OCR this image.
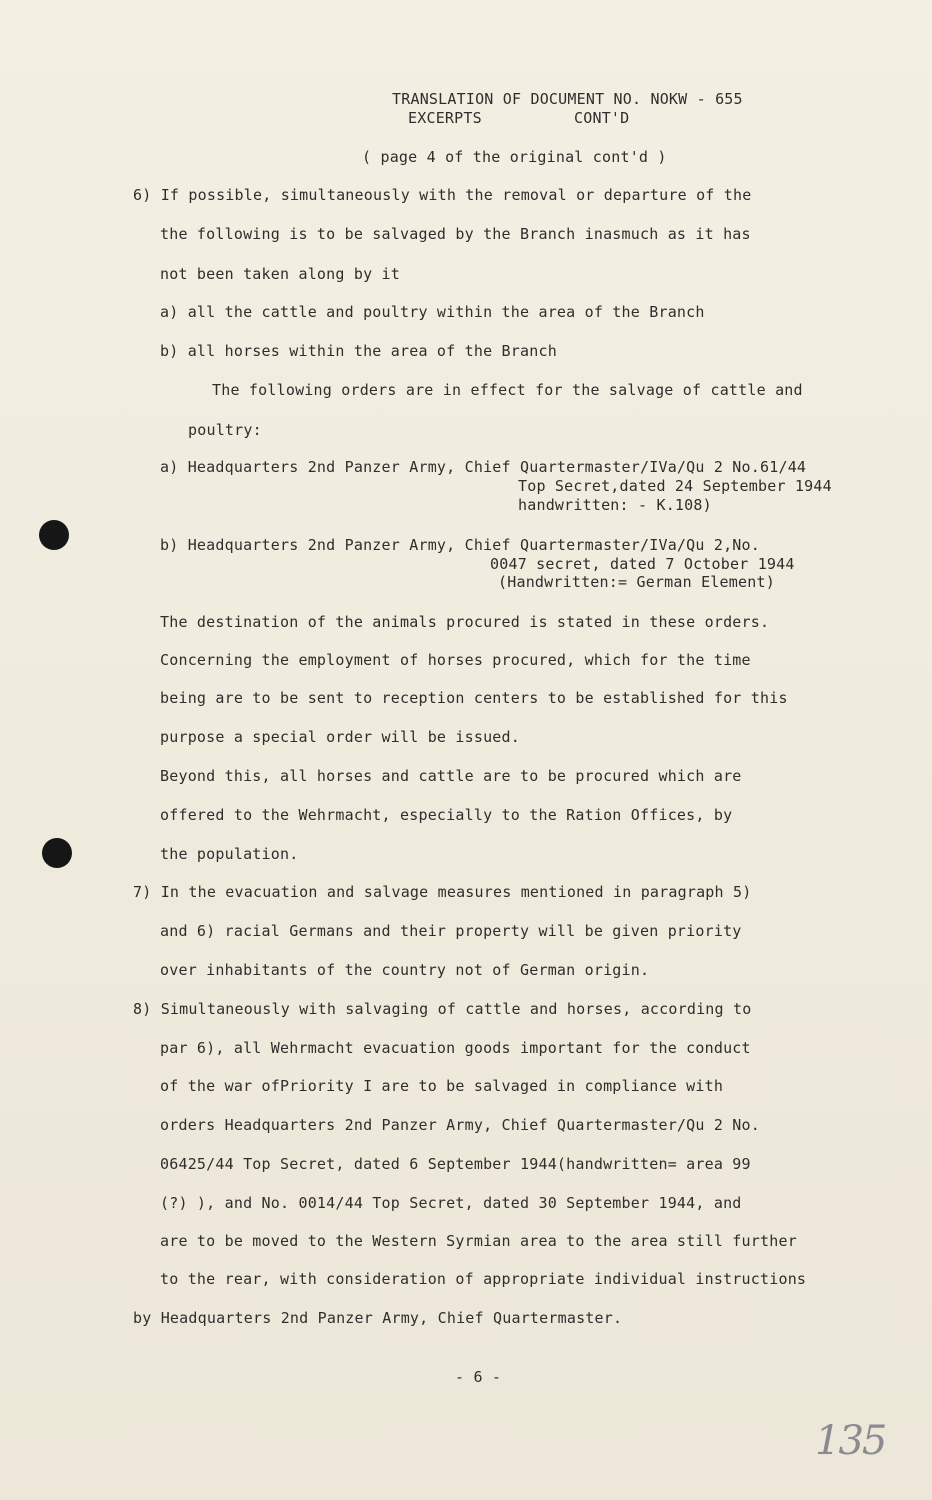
TRANSLATION OF DOCUMENT NO. NOKW - 655
EXCERPTS	CONT'D
( page 4 of the original cont'd )
6) If possible, simultaneously with the removal or departure of the
the following is to be salvaged by the Branch inasmuch as it has
not been taken along by it
a) all the cattle and poultry within the area of the Branch
b) all horses within the area of the Branch
The following orders are in effect for the salvage of cattle and
poultry:
a) Headquarters 2nd Panzer Army, Chief Quartermaster/IVa/Qu 2 No.61/44
Top Secret,dated 24 September 1944
handwritten: - K.108)
b) Headquarters 2nd Panzer Army, Chief Quartermaster/IVa/Qu 2,No.
0047 secret, dated 7 October 1944
(Handwritten:= German Element)
The destination of the animals procured is stated in these orders.
Concerning the employment of horses procured, which for the time
being are to be sent to reception centers to be established for this
purpose a special order will be issued.
Beyond this, all horses and cattle are to be procured which are
offered to the Wehrmacht, especially to the Ration Offices, by
the population.
7) In the evacuation and salvage measures mentioned in paragraph 5)
and 6) racial Germans and their property will be given priority
over inhabitants of the country not of German origin.
8) Simultaneously with salvaging of cattle and horses, according to
par 6), all Wehrmacht evacuation goods important for the conduct
of the war ofPriority I are to be salvaged in compliance with
orders Headquarters 2nd Panzer Army, Chief Quartermaster/Qu 2 No.
06425/44 Top Secret, dated 6 September 1944(handwritten= area 99
(?) ), and No. 0014/44 Top Secret, dated 30 September 1944, and
are to be moved to the Western Syrmian area to the area still further
to the rear, with consideration of appropriate individual instructions
by Headquarters 2nd Panzer Army, Chief Quartermaster.
- 6 -
135
